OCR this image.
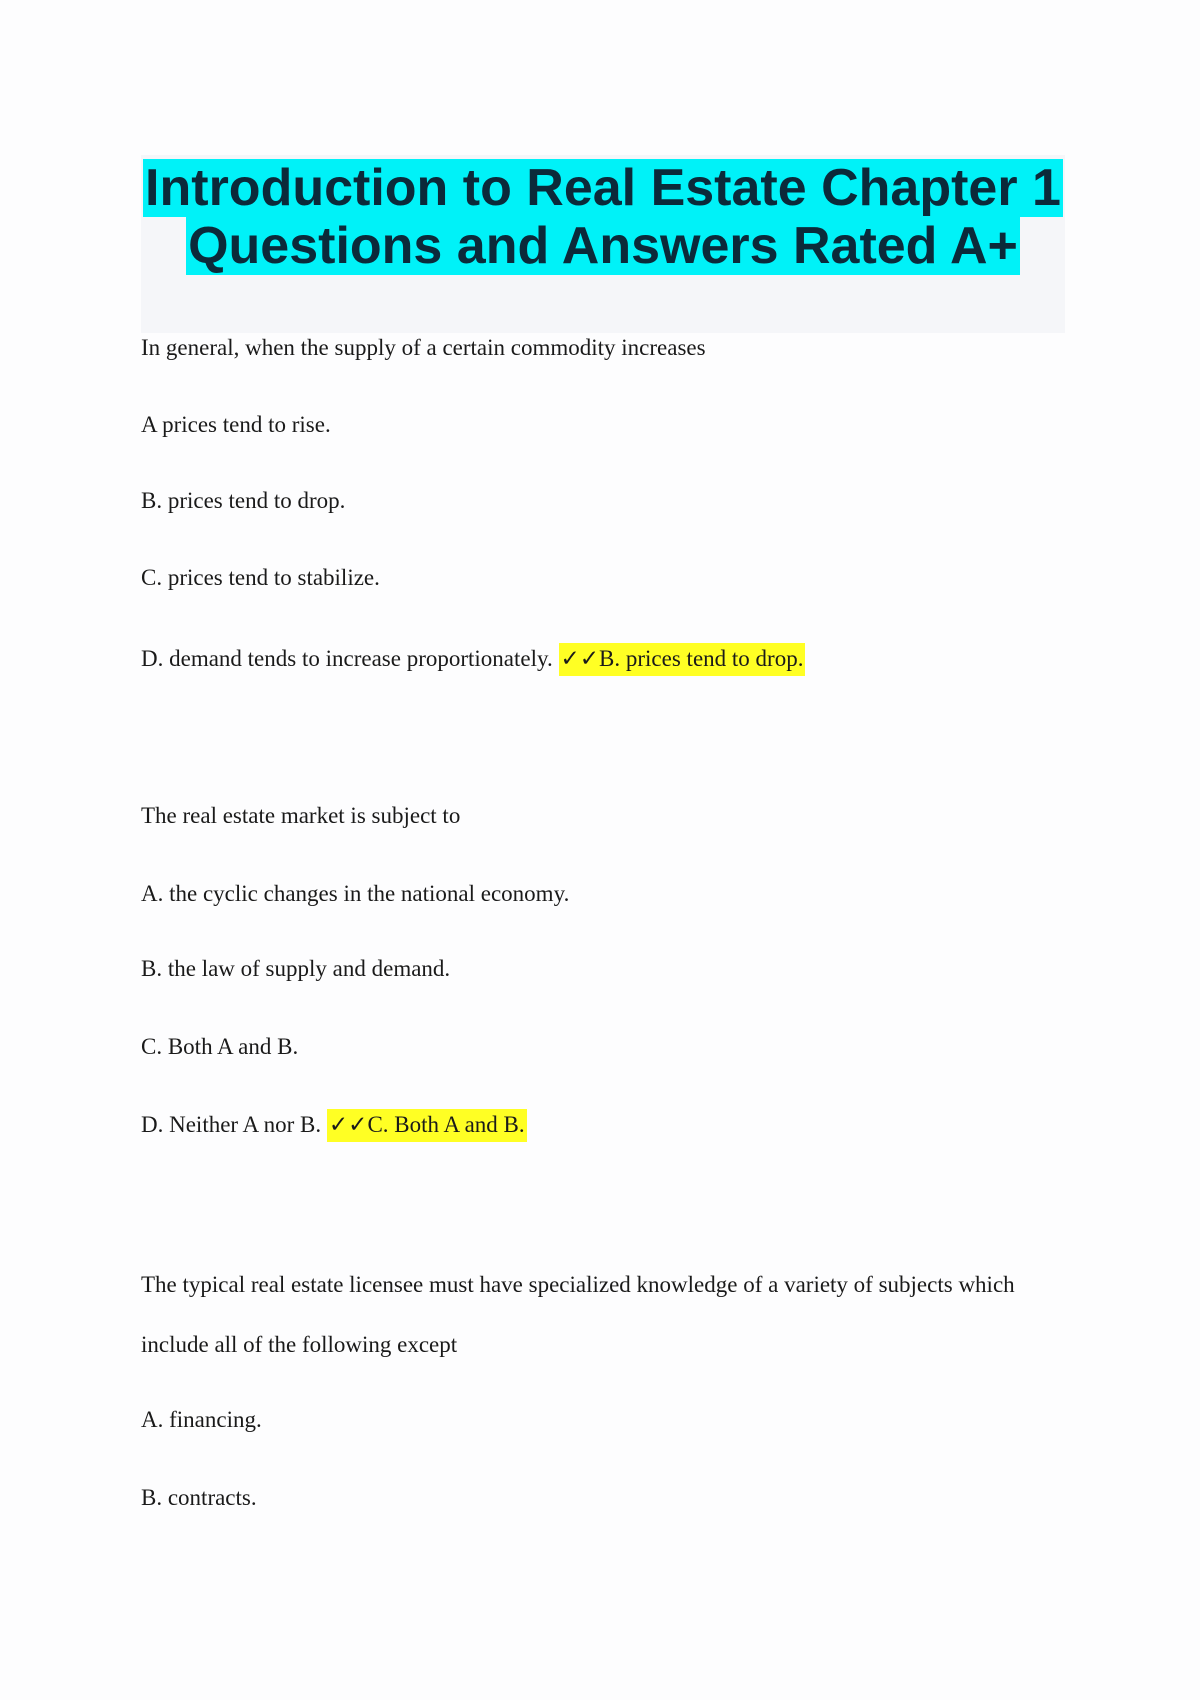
Introduction to Real Estate Chapter 1
Questions and Answers Rated A+
In general, when the supply of a certain commodity increases
A prices tend to rise.
B. prices tend to drop.
C. prices tend to stabilize.
D. demand tends to increase proportionately. ✓✓B. prices tend to drop.
The real estate market is subject to
A. the cyclic changes in the national economy.
B. the law of supply and demand.
C. Both A and B.
D. Neither A nor B. ✓✓C. Both A and B.
The typical real estate licensee must have specialized knowledge of a variety of subjects which
include all of the following except
A. financing.
B. contracts.
